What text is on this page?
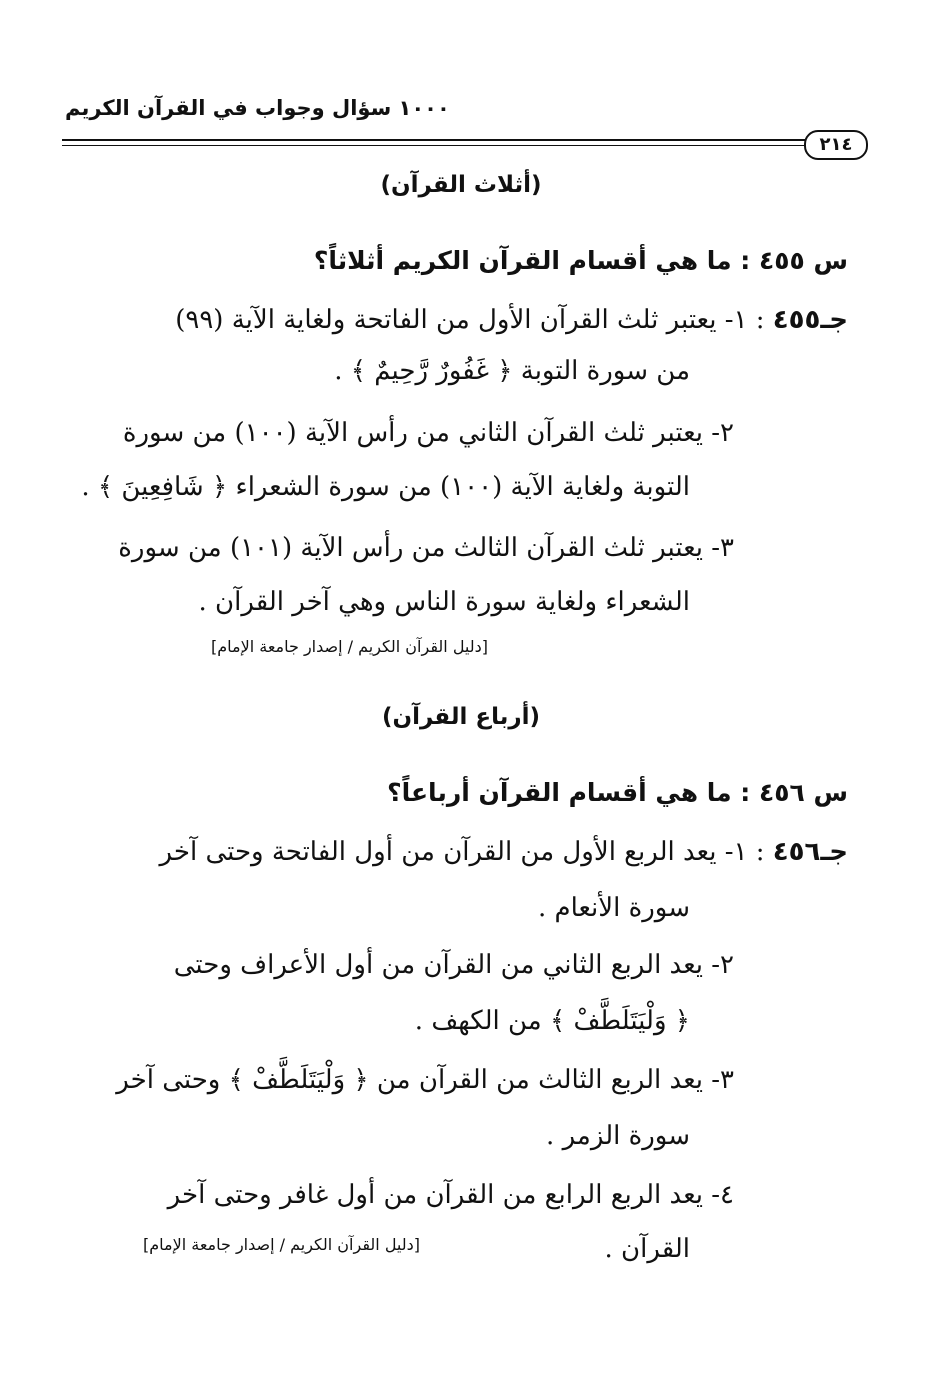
١٠٠٠ سؤال وجواب في القرآن الكريم
٢١٤
(أثلاث القرآن)
س ٤٥٥ : ما هي أقسام القرآن الكريم أثلاثاً؟
جـ٤٥٥ : ١- يعتبر ثلث القرآن الأول من الفاتحة ولغاية الآية (٩٩)
من سورة التوبة ﴿ غَفُورٌ رَّحِيمٌ ﴾ .
٢- يعتبر ثلث القرآن الثاني من رأس الآية (١٠٠) من سورة
التوبة ولغاية الآية (١٠٠) من سورة الشعراء ﴿ شَافِعِينَ ﴾ .
٣- يعتبر ثلث القرآن الثالث من رأس الآية (١٠١) من سورة
الشعراء ولغاية سورة الناس وهي آخر القرآن .
[دليل القرآن الكريم / إصدار جامعة الإمام]
(أرباع القرآن)
س ٤٥٦ : ما هي أقسام القرآن أرباعاً؟
جـ٤٥٦ : ١- يعد الربع الأول من القرآن من أول الفاتحة وحتى آخر
سورة الأنعام .
٢- يعد الربع الثاني من القرآن من أول الأعراف وحتى
﴿ وَلْيَتَلَطَّفْ ﴾ من الكهف .
٣- يعد الربع الثالث من القرآن من ﴿ وَلْيَتَلَطَّفْ ﴾ وحتى آخر
سورة الزمر .
٤- يعد الربع الرابع من القرآن من أول غافر وحتى آخر
القرآن .
[دليل القرآن الكريم / إصدار جامعة الإمام]
